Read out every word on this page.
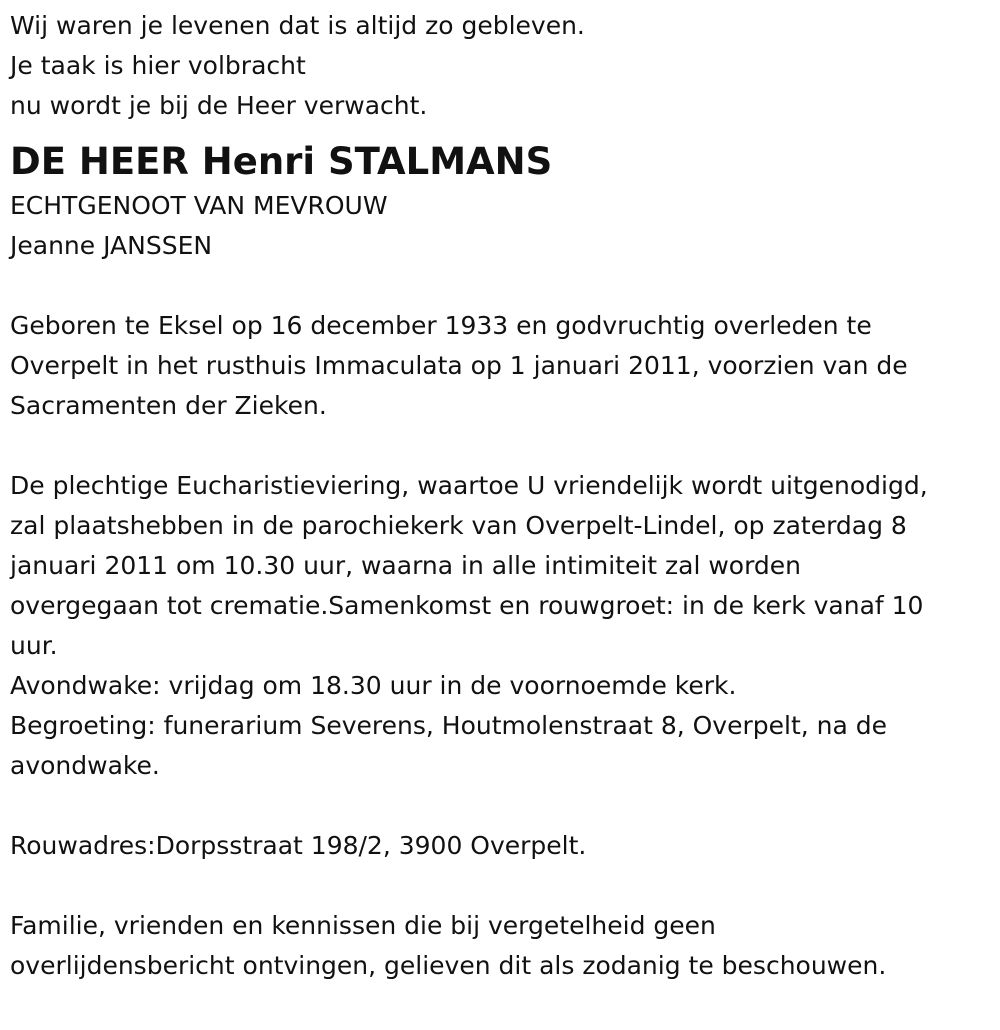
Wij waren je levenen dat is altijd zo gebleven.
Je taak is hier volbracht
nu wordt je bij de Heer verwacht.
DE HEER Henri STALMANS
ECHTGENOOT VAN MEVROUW
Jeanne JANSSEN
Geboren te Eksel op 16 december 1933 en godvruchtig overleden te
Overpelt in het rusthuis Immaculata op 1 januari 2011, voorzien van de
Sacramenten der Zieken.
De plechtige Eucharistieviering, waartoe U vriendelijk wordt uitgenodigd,
zal plaatshebben in de parochiekerk van Overpelt-Lindel, op zaterdag 8
januari 2011 om 10.30 uur, waarna in alle intimiteit zal worden
overgegaan tot crematie.Samenkomst en rouwgroet: in de kerk vanaf 10
uur.
Avondwake: vrijdag om 18.30 uur in de voornoemde kerk.
Begroeting: funerarium Severens, Houtmolenstraat 8, Overpelt, na de
avondwake.
Rouwadres:Dorpsstraat 198/2, 3900 Overpelt.
Familie, vrienden en kennissen die bij vergetelheid geen
overlijdensbericht ontvingen, gelieven dit als zodanig te beschouwen.
